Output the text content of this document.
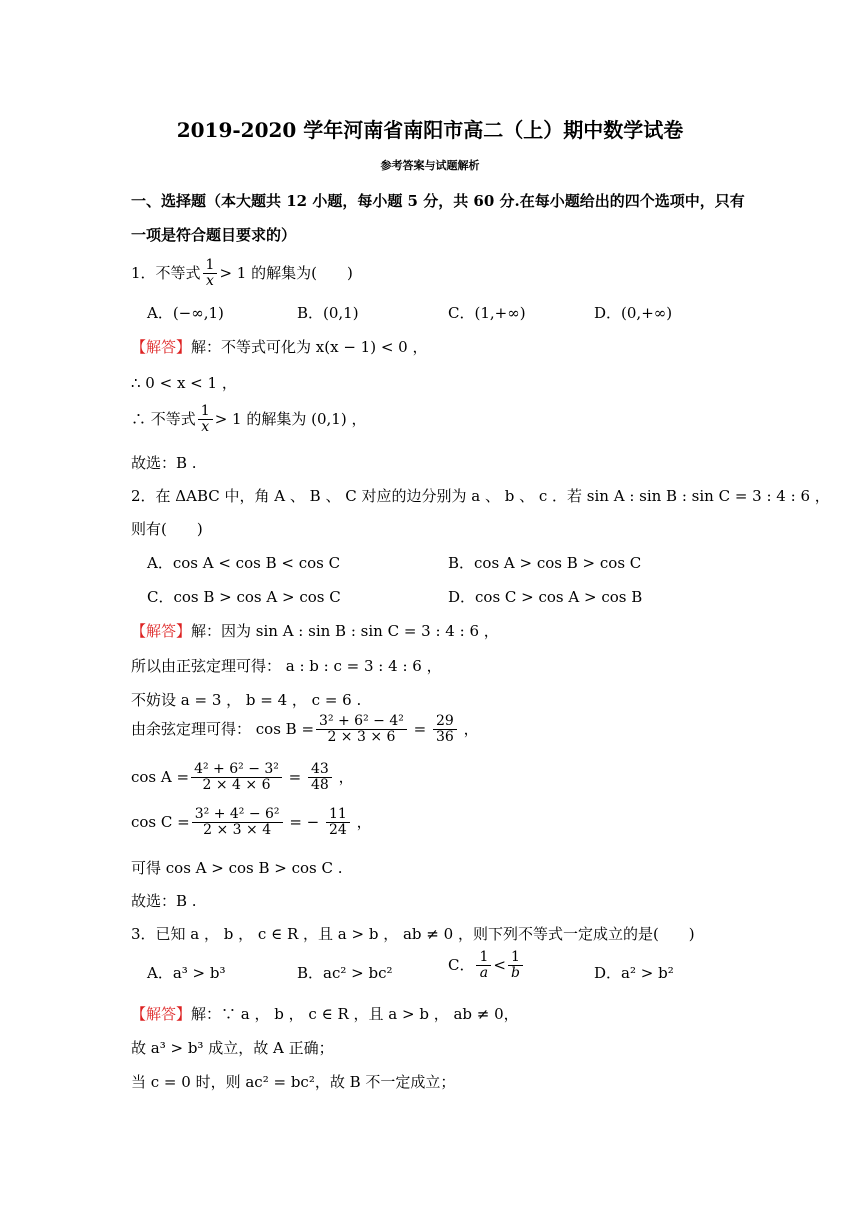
2019-2020 学年河南省南阳市高二（上）期中数学试卷
参考答案与试题解析
一、选择题（本大题共 12 小题，每小题 5 分，共 60 分.在每小题给出的四个选项中，只有
一项是符合题目要求的）
1．不等式 $\frac{1}{x} > 1$ 的解集为(　　)
A．(−∞,1)	B．(0,1)	C．(1,+∞)	D．(0,+∞)
【解答】解：不等式可化为 x(x − 1) < 0 ，
∴ 0 < x < 1 ，
∴ 不等式 $\frac{1}{x} > 1$ 的解集为 (0,1) ，
故选：B .
2．在 ΔABC 中，角 A 、 B 、 C 对应的边分别为 a 、 b 、 c ．若 sin A : sin B : sin C = 3 : 4 : 6 ，
则有(　　)
A．cos A < cos B < cos C	B．cos A > cos B > cos C
C．cos B > cos A > cos C	D．cos C > cos A > cos B
【解答】解：因为 sin A : sin B : sin C = 3 : 4 : 6 ，
所以由正弦定理可得： a : b : c = 3 : 4 : 6 ，
不妨设 a = 3 ， b = 4 ， c = 6 .
由余弦定理可得： $\cos B = \frac{\text{3² + 6² − 4²}}{2 \times 3 \times 6} = \frac{29}{36}$ ，
$\cos A = \frac{\text{4² + 6² − 3²}}{2 \times 4 \times 6} = \frac{43}{48}$ ，
$\cos C = \frac{\text{3² + 4² − 6²}}{2 \times 3 \times 4}$ = − $\frac{11}{24}$ ，
可得 cos A > cos B > cos C .
故选：B .
3．已知 a ， b ， c ∈ R ，且 a > b ， ab ≠ 0 ，则下列不等式一定成立的是(　　)
A．a³ > b³	B．ac² > bc²	C． $\frac{1}{a} < \frac{1}{b}$	D．a² > b²
【解答】解：∵ a ， b ， c ∈ R ，且 a > b ， ab ≠ 0，
故 a³ > b³ 成立，故 A 正确；
当 c = 0 时，则 ac² = bc²，故 B 不一定成立；
